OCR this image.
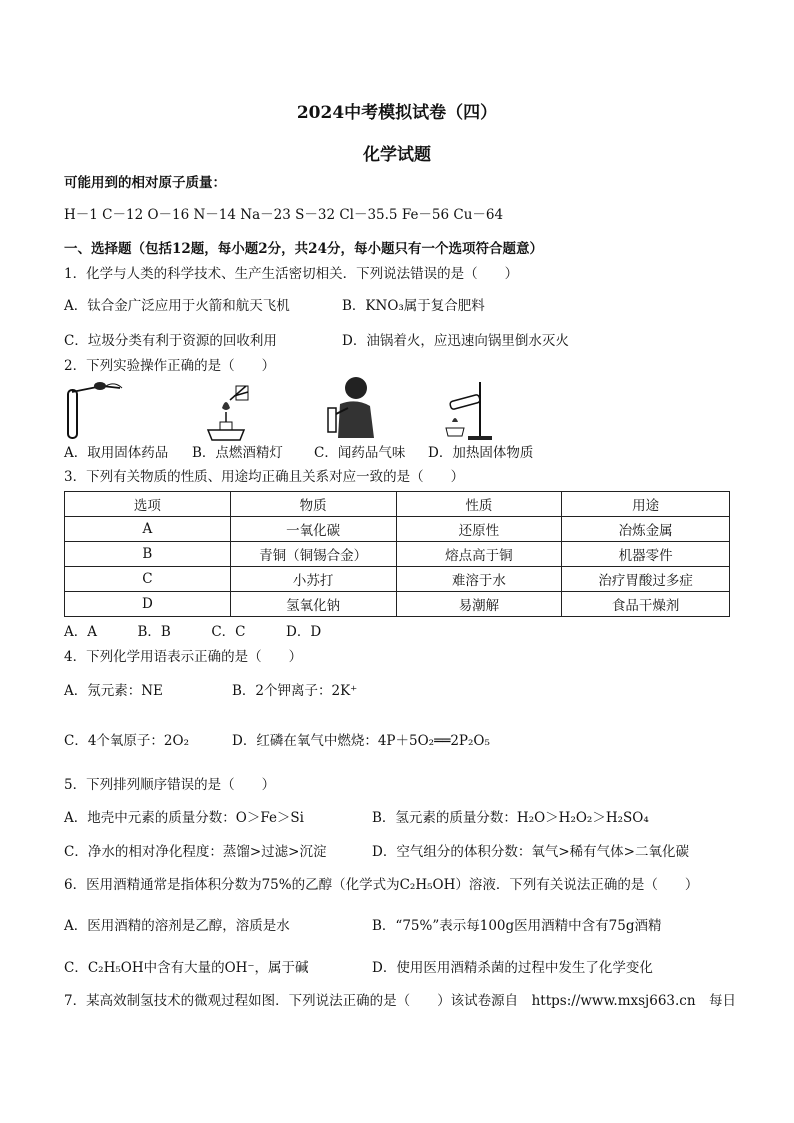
2024中考模拟试卷（四）
化学试题
可能用到的相对原子质量：
H－1 C－12 O－16 N－14 Na－23 S－32 Cl－35.5 Fe－56 Cu－64
一、选择题（包括12题，每小题2分，共24分，每小题只有一个选项符合题意）
1．化学与人类的科学技术、生产生活密切相关．下列说法错误的是（　　）
A．钛合金广泛应用于火箭和航天飞机	B．KNO₃属于复合肥料
C．垃圾分类有利于资源的回收利用	D．油锅着火，应迅速向锅里倒水灭火
2．下列实验操作正确的是（　　）
A．取用固体药品 B．点燃酒精灯 C．闻药品气味 D．加热固体物质
3．下列有关物质的性质、用途均正确且关系对应一致的是（　　）
选项	物质	性质	用途
A	一氧化碳	还原性	冶炼金属
B	青铜（铜锡合金）	熔点高于铜	机器零件
C	小苏打	难溶于水	治疗胃酸过多症
D	氢氧化钠	易潮解	食品干燥剂
A．A　　　B．B　　　C．C　　　D．D
4．下列化学用语表示正确的是（　　）
A．氖元素：NE	B．2个钾离子：2K⁺
C．4个氧原子：2O₂	D．红磷在氧气中燃烧：4P＋5O₂══2P₂O₅
5．下列排列顺序错误的是（　　）
A．地壳中元素的质量分数：O＞Fe＞Si	B．氢元素的质量分数：H₂O＞H₂O₂＞H₂SO₄
C．净水的相对净化程度：蒸馏>过滤>沉淀	D．空气组分的体积分数：氧气>稀有气体>二氧化碳
6．医用酒精通常是指体积分数为75%的乙醇（化学式为C₂H₅OH）溶液．下列有关说法正确的是（　　）
A．医用酒精的溶剂是乙醇，溶质是水	B．“75%”表示每100g医用酒精中含有75g酒精
C．C₂H₅OH中含有大量的OH⁻，属于碱	D．使用医用酒精杀菌的过程中发生了化学变化
7．某高效制氢技术的微观过程如图．下列说法正确的是（　　）该试卷源自　https://www.mxsj663.cn　每日
